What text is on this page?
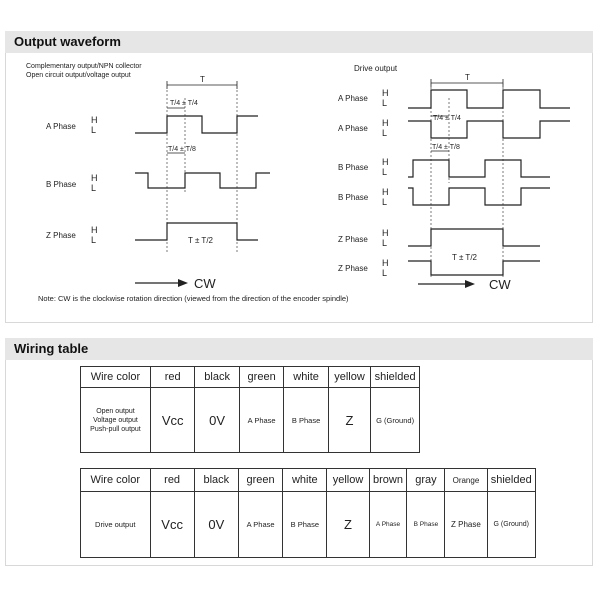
Output waveform
Complementary output/NPN collector
Open circuit output/voltage output	T
T/4 ± T/4
A Phase
H
L
T/4 ± T/8
B Phase
H
L
Z Phase
H
L	T ± T/2
CW
Drive output
T
A Phase
H
L
T/4 ± T/4
A Phase
H
L
T/4 ± T/8
B Phase
H
L
B Phase
H
L
Z Phase
H
L
T ± T/2
Z Phase
H
L
CW
Note: CW is the clockwise rotation direction (viewed from the direction of the encoder spindle)
Wiring table
Wire color	red	black	green	white	yellow	shielded

Open output
Voltage output
Push-pull output	Vcc	0V	A Phase	B Phase	Z	G (Ground)
Wire color	red	black	green	white	yellow	brown	gray	Orange	shielded
Drive output	Vcc	0V	A Phase	B Phase	Z	A Phase	B Phase	Z Phase	G (Ground)
